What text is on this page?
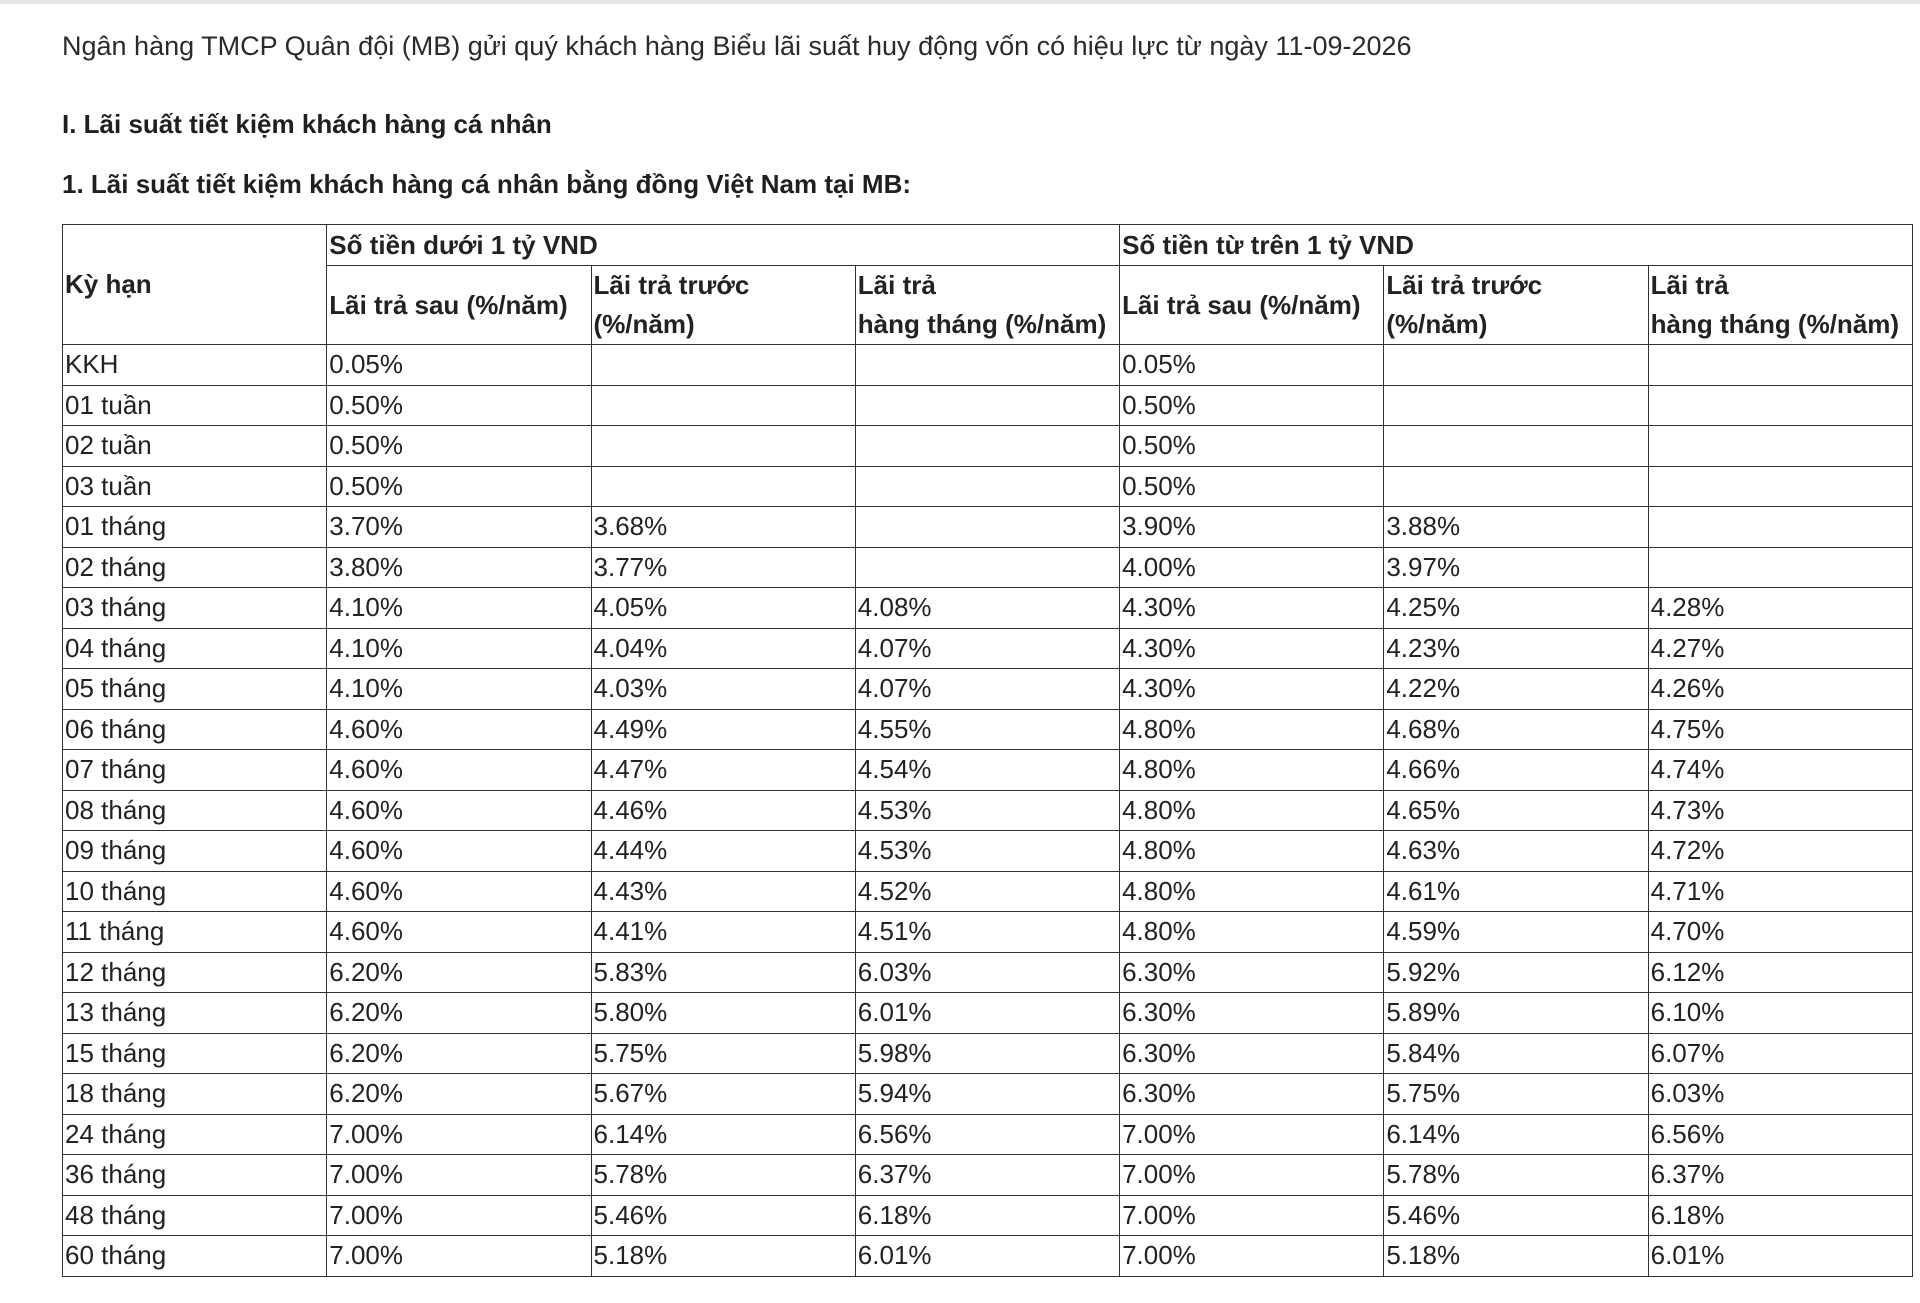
Ngân hàng TMCP Quân đội (MB) gửi quý khách hàng Biểu lãi suất huy động vốn có hiệu lực từ ngày 11-09-2026

I. Lãi suất tiết kiệm khách hàng cá nhân
1. Lãi suất tiết kiệm khách hàng cá nhân bằng đồng Việt Nam tại MB:
Kỳ hạn	Số tiền dưới 1 tỷ VND			Số tiền từ trên 1 tỷ VND		
	Lãi trả sau (%/năm)	Lãi trả trước
(%/năm)	Lãi trả
hàng tháng (%/năm)	Lãi trả sau (%/năm)	Lãi trả trước
(%/năm)	Lãi trả
hàng tháng (%/năm)
KKH	0.05%			0.05%		
01 tuần	0.50%			0.50%		
02 tuần	0.50%			0.50%		
03 tuần	0.50%			0.50%		
01 tháng	3.70%	3.68%		3.90%	3.88%	
02 tháng	3.80%	3.77%		4.00%	3.97%	
03 tháng	4.10%	4.05%	4.08%	4.30%	4.25%	4.28%
04 tháng	4.10%	4.04%	4.07%	4.30%	4.23%	4.27%
05 tháng	4.10%	4.03%	4.07%	4.30%	4.22%	4.26%
06 tháng	4.60%	4.49%	4.55%	4.80%	4.68%	4.75%
07 tháng	4.60%	4.47%	4.54%	4.80%	4.66%	4.74%
08 tháng	4.60%	4.46%	4.53%	4.80%	4.65%	4.73%
09 tháng	4.60%	4.44%	4.53%	4.80%	4.63%	4.72%
10 tháng	4.60%	4.43%	4.52%	4.80%	4.61%	4.71%
11 tháng	4.60%	4.41%	4.51%	4.80%	4.59%	4.70%
12 tháng	6.20%	5.83%	6.03%	6.30%	5.92%	6.12%
13 tháng	6.20%	5.80%	6.01%	6.30%	5.89%	6.10%
15 tháng	6.20%	5.75%	5.98%	6.30%	5.84%	6.07%
18 tháng	6.20%	5.67%	5.94%	6.30%	5.75%	6.03%
24 tháng	7.00%	6.14%	6.56%	7.00%	6.14%	6.56%
36 tháng	7.00%	5.78%	6.37%	7.00%	5.78%	6.37%
48 tháng	7.00%	5.46%	6.18%	7.00%	5.46%	6.18%
60 tháng	7.00%	5.18%	6.01%	7.00%	5.18%	6.01%
